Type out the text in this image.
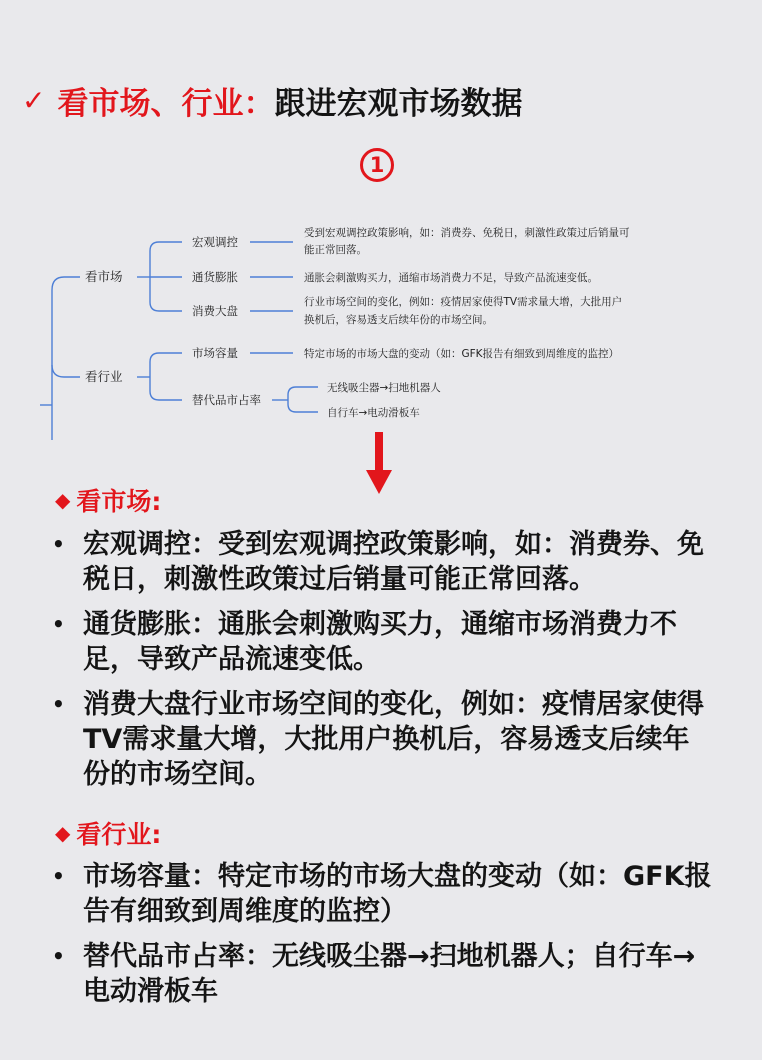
✓ 看市场、行业： 跟进宏观市场数据
1
看市场
看行业
宏观调控
通货膨胀
消费大盘
市场容量
替代品市占率
受到宏观调控政策影响，如：消费券、免税日，刺激性政策过后销量可
能正常回落。
通胀会刺激购买力，通缩市场消费力不足，导致产品流速变低。
行业市场空间的变化，例如：疫情居家使得TV需求量大增，大批用户
换机后，容易透支后续年份的市场空间。
特定市场的市场大盘的变动（如：GFK报告有细致到周维度的监控）
无线吸尘器→扫地机器人
自行车→电动滑板车
◆ 看市场:
• 宏观调控：受到宏观调控政策影响，如：消费券、免税日，刺激性政策过后销量可能正常回落。
• 通货膨胀：通胀会刺激购买力，通缩市场消费力不足，导致产品流速变低。
• 消费大盘行业市场空间的变化，例如：疫情居家使得TV需求量大增，大批用户换机后，容易透支后续年份的市场空间。
◆ 看行业:
• 市场容量：特定市场的市场大盘的变动（如：GFK报告有细致到周维度的监控）
• 替代品市占率：无线吸尘器→扫地机器人；自行车→电动滑板车
